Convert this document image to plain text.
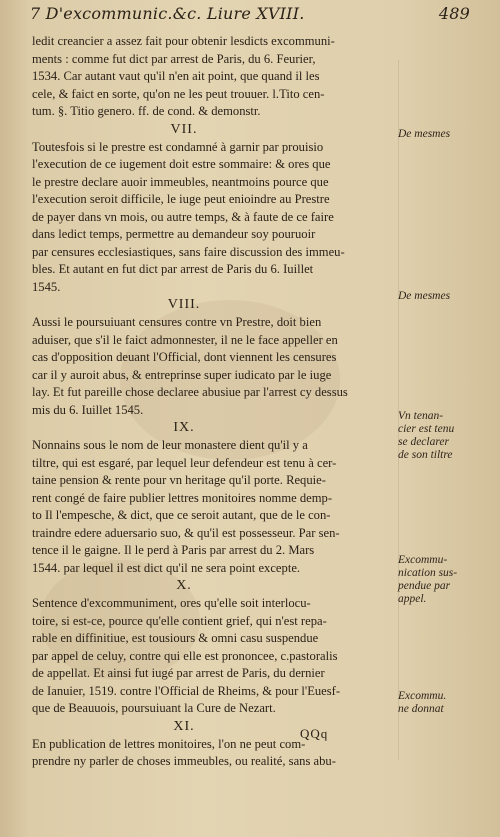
7 D'excommunic.&c. Liure XVIII.	489
ledit creancier a assez fait pour obtenir lesdicts excommuni-
ments : comme fut dict par arrest de Paris, du 6. Feurier,
1534. Car autant vaut qu'il n'en ait point, que quand il les
cele, & faict en sorte, qu'on ne les peut trouuer. l.Tito cen-
tum. §. Titio genero. ff. de cond. & demonstr.
VII.
Toutesfois si le prestre est condamné à garnir par prouisio
l'execution de ce iugement doit estre sommaire: & ores que
le prestre declare auoir immeubles, neantmoins pource que
l'execution seroit difficile, le iuge peut enioindre au Prestre
de payer dans vn mois, ou autre temps, & à faute de ce faire
dans ledict temps, permettre au demandeur soy pouruoir
par censures ecclesiastiques, sans faire discussion des immeu-
bles. Et autant en fut dict par arrest de Paris du 6. Iuillet
1545.
VIII.
Aussi le poursuiuant censures contre vn Prestre, doit bien
aduiser, que s'il le faict admonnester, il ne le face appeller en
cas d'opposition deuant l'Official, dont viennent les censures
car il y auroit abus, & entreprinse super iudicato par le iuge
lay. Et fut pareille chose declaree abusiue par l'arrest cy dessus
mis du 6. Iuillet 1545.
IX.
Nonnains sous le nom de leur monastere dient qu'il y a
tiltre, qui est esgaré, par lequel leur defendeur est tenu à cer-
taine pension & rente pour vn heritage qu'il porte. Requie-
rent congé de faire publier lettres monitoires nomme demp-
to Il l'empesche, & dict, que ce seroit autant, que de le con-
traindre edere aduersario suo, & qu'il est possesseur. Par sen-
tence il le gaigne. Il le perd à Paris par arrest du 2. Mars
1544. par lequel il est dict qu'il ne sera point excepte.
X.
Sentence d'excommuniment, ores qu'elle soit interlocu-
toire, si est-ce, pource qu'elle contient grief, qui n'est repa-
rable en diffinitiue, est tousiours & omni casu suspendue
par appel de celuy, contre qui elle est prononcee, c.pastoralis
de appellat. Et ainsi fut iugé par arrest de Paris, du dernier
de Ianuier, 1519. contre l'Official de Rheims, & pour l'Euesf-
que de Beauuois, poursuiuant la Cure de Nezart.
XI.
En publication de lettres monitoires, l'on ne peut com-
prendre ny parler de choses immeubles, ou realité, sans abu-
De mesmes
De mesmes
Vn tenan-
cier est tenu
se declarer
de son tiltre
Excommu-
nication sus-
pendue par
appel.
Excommu.
ne donnat
QQq
